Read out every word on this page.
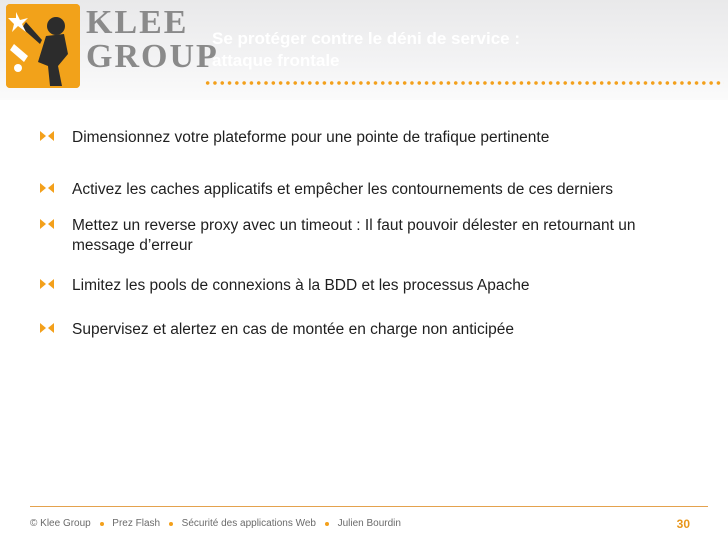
KLEE
GROUP
Se protéger contre le déni de service :
attaque frontale
Dimensionnez votre plateforme pour une pointe de trafique pertinente
Activez les caches applicatifs et empêcher les contournements de ces derniers
Mettez un reverse proxy avec un timeout : Il faut pouvoir délester en retournant un message d’erreur
Limitez les pools de connexions à la BDD et les processus Apache
Supervisez et alertez en cas de montée en charge non anticipée
© Klee Group Prez Flash Sécurité des applications Web Julien Bourdin	30
